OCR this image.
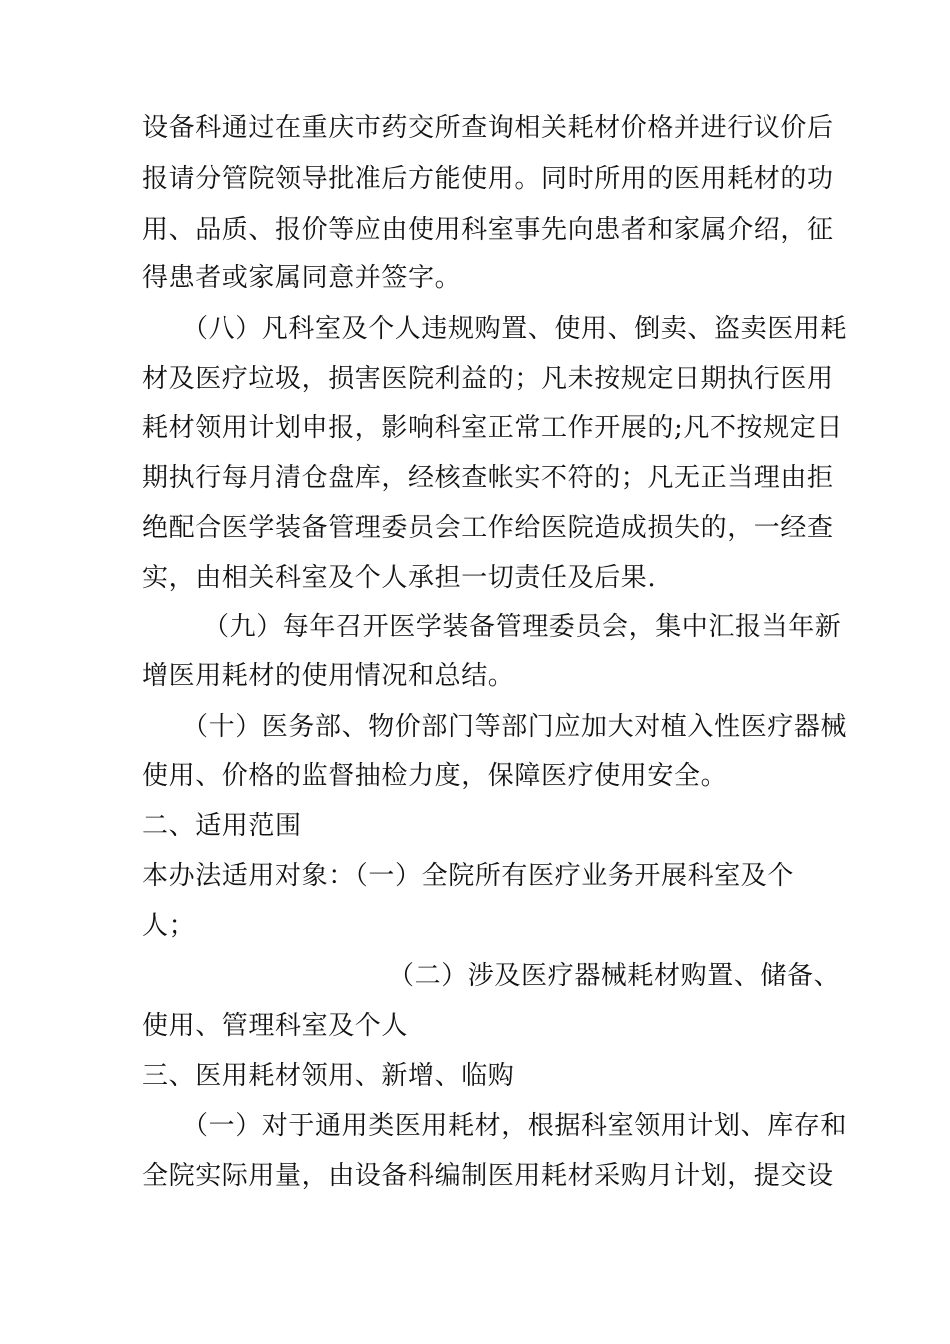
设备科通过在重庆市药交所查询相关耗材价格并进行议价后
报请分管院领导批准后方能使用。同时所用的医用耗材的功
用、品质、报价等应由使用科室事先向患者和家属介绍，征
得患者或家属同意并签字。
（八）凡科室及个人违规购置、使用、倒卖、盗卖医用耗
材及医疗垃圾，损害医院利益的；凡未按规定日期执行医用
耗材领用计划申报，影响科室正常工作开展的;凡不按规定日
期执行每月清仓盘库，经核查帐实不符的；凡无正当理由拒
绝配合医学装备管理委员会工作给医院造成损失的，一经查
实，由相关科室及个人承担一切责任及后果.
（九）每年召开医学装备管理委员会，集中汇报当年新
增医用耗材的使用情况和总结。
（十）医务部、物价部门等部门应加大对植入性医疗器械
使用、价格的监督抽检力度，保障医疗使用安全。
二、适用范围
本办法适用对象：（一）全院所有医疗业务开展科室及个
人；
（二）涉及医疗器械耗材购置、储备、
使用、管理科室及个人
三、医用耗材领用、新增、临购
（一）对于通用类医用耗材，根据科室领用计划、库存和
全院实际用量，由设备科编制医用耗材采购月计划，提交设
